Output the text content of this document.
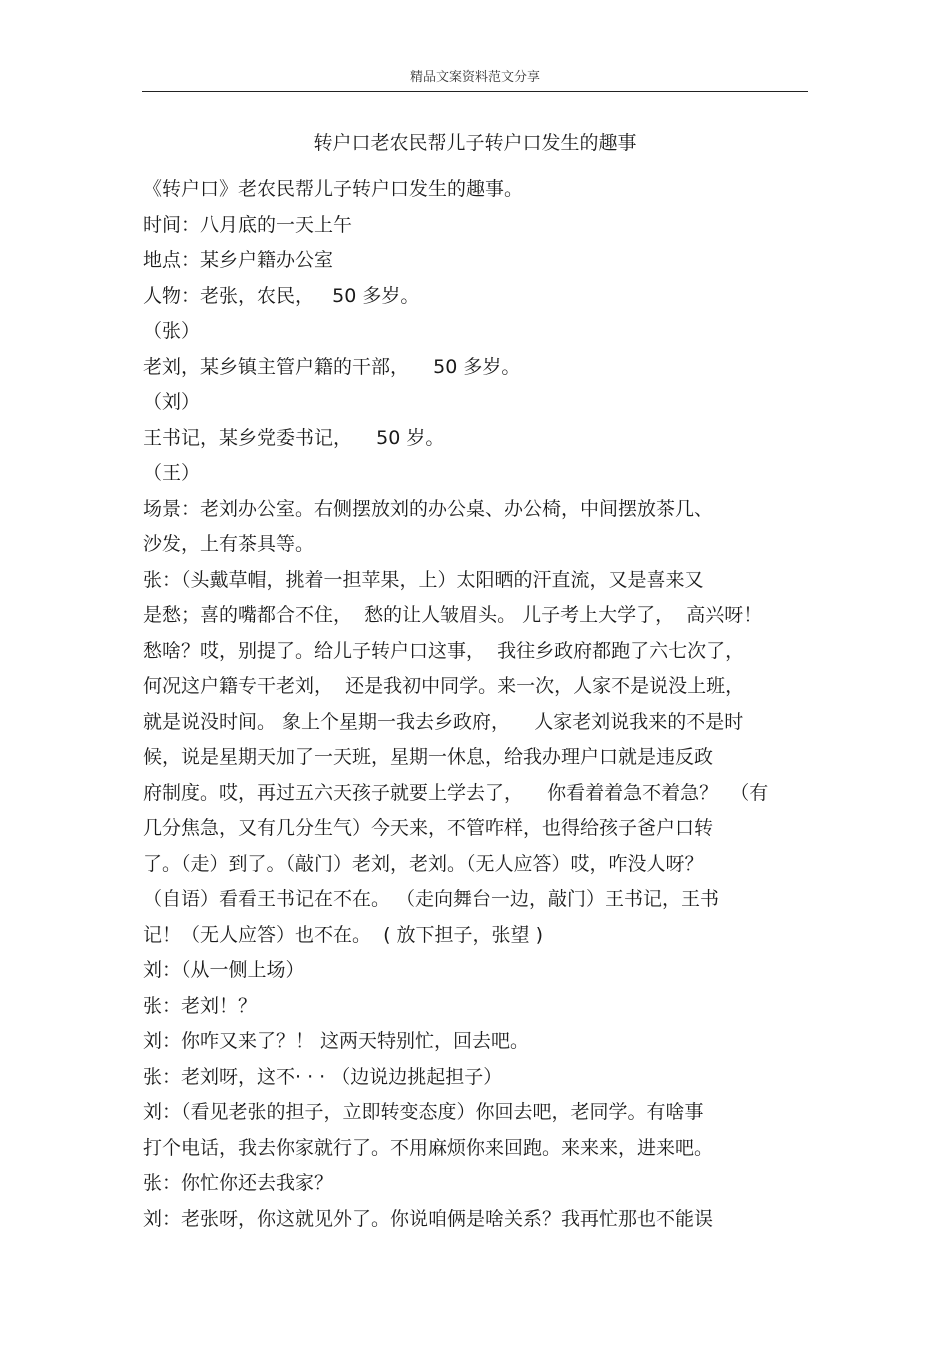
精品文案资料范文分享
转户口老农民帮儿子转户口发生的趣事
《转户口》老农民帮儿子转户口发生的趣事。
时间：八月底的一天上午
地点：某乡户籍办公室
人物：老张，农民，   50 多岁。
（张）
老刘，某乡镇主管户籍的干部，    50 多岁。
（刘）
王书记，某乡党委书记，    50 岁。
（王）
场景：老刘办公室。右侧摆放刘的办公桌、办公椅，中间摆放茶几、
沙发，上有茶具等。
张：（头戴草帽，挑着一担苹果，上）太阳晒的汗直流，又是喜来又
是愁；喜的嘴都合不住，  愁的让人皱眉头。 儿子考上大学了，  高兴呀！
愁啥？哎，别提了。给儿子转户口这事，  我往乡政府都跑了六七次了，
何况这户籍专干老刘，  还是我初中同学。来一次，人家不是说没上班，
就是说没时间。 象上个星期一我去乡政府，    人家老刘说我来的不是时
候，说是星期天加了一天班，星期一休息，给我办理户口就是违反政
府制度。哎，再过五六天孩子就要上学去了，    你看着着急不着急？  （有
几分焦急，又有几分生气）今天来，不管咋样，也得给孩子爸户口转
了。（走）到了。（敲门）老刘，老刘。（无人应答）哎，咋没人呀？
（自语）看看王书记在不在。 （走向舞台一边，敲门）王书记，王书
记！（无人应答）也不在。  ( 放下担子，张望 )
刘：（从一侧上场）
张：老刘！？
刘：你咋又来了？！ 这两天特别忙，回去吧。
张：老刘呀，这不· · · （边说边挑起担子）
刘：（看见老张的担子，立即转变态度）你回去吧，老同学。有啥事
打个电话，我去你家就行了。不用麻烦你来回跑。来来来，进来吧。
张：你忙你还去我家？
刘：老张呀，你这就见外了。你说咱俩是啥关系？我再忙那也不能误
